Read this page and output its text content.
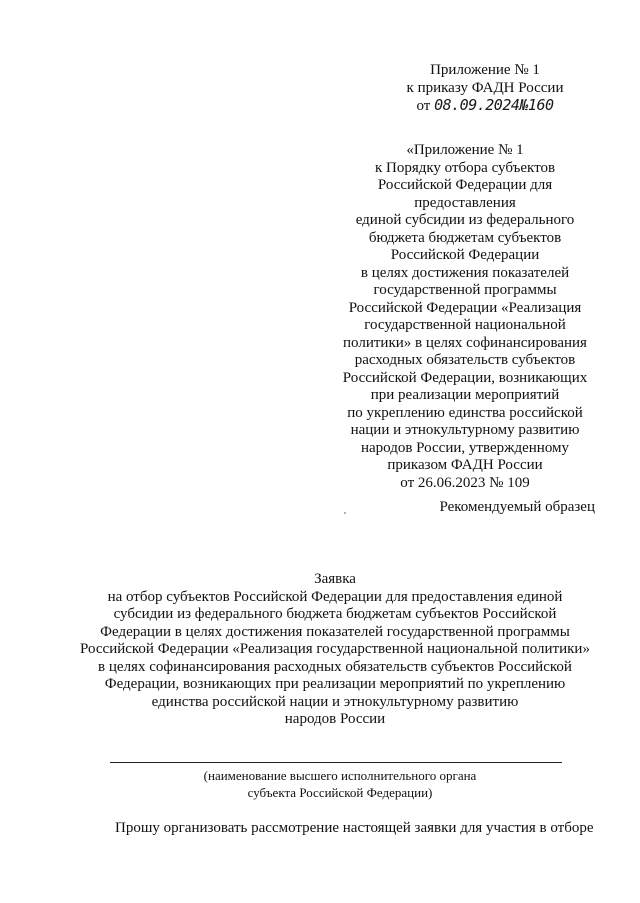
Приложение № 1
к приказу ФАДН России
от 08.09.2024№160
«Приложение № 1
к Порядку отбора субъектов
Российской Федерации для
предоставления
единой субсидии из федерального
бюджета бюджетам субъектов
Российской Федерации
в целях достижения показателей
государственной программы
Российской Федерации «Реализация
государственной национальной
политики» в целях софинансирования
расходных обязательств субъектов
Российской Федерации, возникающих
при реализации мероприятий
по укреплению единства российской
нации и этнокультурному развитию
народов России, утвержденному
приказом ФАДН России
от 26.06.2023 № 109
Рекомендуемый образец
Заявка
на отбор субъектов Российской Федерации для предоставления единой
субсидии из федерального бюджета бюджетам субъектов Российской
Федерации в целях достижения показателей государственной программы
Российской Федерации «Реализация государственной национальной политики»
в целях софинансирования расходных обязательств субъектов Российской
Федерации, возникающих при реализации мероприятий по укреплению
единства российской нации и этнокультурному развитию
народов России
(наименование высшего исполнительного органа
субъекта Российской Федерации)
Прошу организовать рассмотрение настоящей заявки для участия в отборе
